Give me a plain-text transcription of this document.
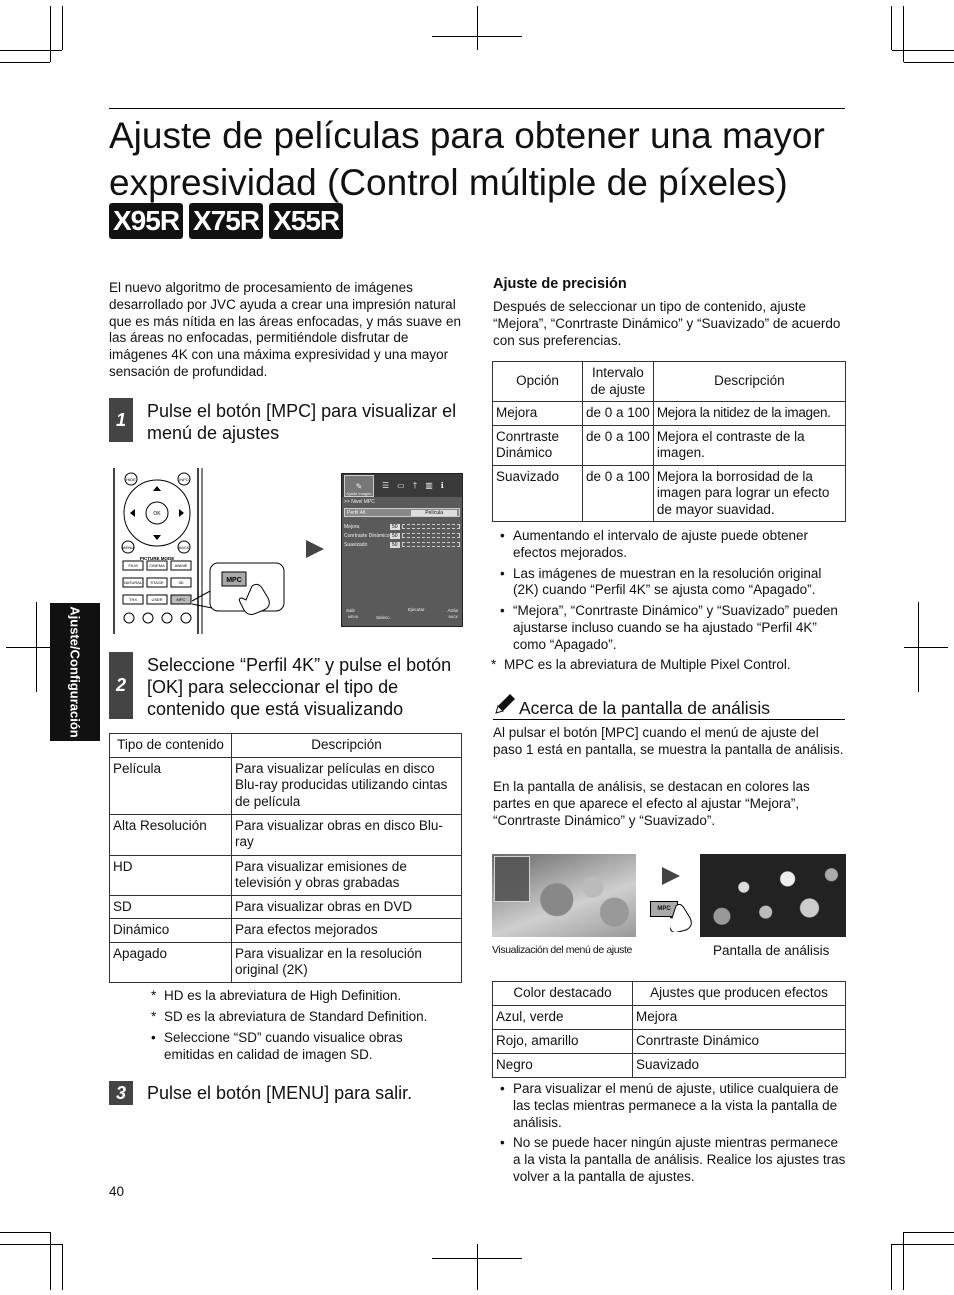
Ajuste de películas para obtener una mayor expresividad (Control múltiple de píxeles)
X95R X75R X55R
Ajuste/Configuración
El nuevo algoritmo de procesamiento de imágenes desarrollado por JVC ayuda a crear una impresión natural que es más nítida en las áreas enfocadas, y más suave en las áreas no enfocadas, permitiéndole disfrutar de imágenes 4K con una máxima expresividad y una mayor sensación de profundidad.
1	Pulse el botón [MPC] para visualizar el menú de ajustes
HIDE	INFO
OK
MENU	BACK
PICTURE MODE
FILM	CINEMA ANIME
NATURAL STAGE	3D
THX	USER	MPC
MPC
✎
Ajuste Imagen
☰ ▭ † ▥ ℹ
>> Nivel MPC
Perfil 4K	Película
Mejora	50
Conrtraste Dinámico 50
Suavizado	50
Salir
MENU	Selecc.
Ejecutar	Atrás
BACK
2
Seleccione “Perfil 4K” y pulse el botón [OK] para seleccionar el tipo de contenido que está visualizando
Tipo de contenido	Descripción
Película	Para visualizar películas en disco Blu-ray producidas utilizando cintas de película
Alta Resolución	Para visualizar obras en disco Blu-ray
HD	Para visualizar emisiones de televisión y obras grabadas
SD	Para visualizar obras en DVD
Dinámico	Para efectos mejorados
Apagado	Para visualizar en la resolución original (2K)
* HD es la abreviatura de High Definition.
* SD es la abreviatura de Standard Definition.
• Seleccione “SD” cuando visualice obras emitidas en calidad de imagen SD.
3	Pulse el botón [MENU] para salir.
40
Ajuste de precisión
Después de seleccionar un tipo de contenido, ajuste “Mejora”, “Conrtraste Dinámico” y “Suavizado” de acuerdo con sus preferencias.
Opción	Intervalo de ajuste	Descripción
Mejora	de 0 a 100	Mejora la nitidez de la imagen.
Conrtraste Dinámico	de 0 a 100	Mejora el contraste de la imagen.
Suavizado	de 0 a 100	Mejora la borrosidad de la imagen para lograr un efecto de mayor suavidad.
• Aumentando el intervalo de ajuste puede obtener efectos mejorados.
• Las imágenes de muestran en la resolución original (2K) cuando “Perfil 4K” se ajusta como “Apagado”.
• “Mejora”, “Conrtraste Dinámico” y “Suavizado” pueden ajustarse incluso cuando se ha ajustado “Perfil 4K” como “Apagado”.
* MPC es la abreviatura de Multiple Pixel Control.
Acerca de la pantalla de análisis
Al pulsar el botón [MPC] cuando el menú de ajuste del paso 1 está en pantalla, se muestra la pantalla de análisis.
En la pantalla de análisis, se destacan en colores las partes en que aparece el efecto al ajustar “Mejora”, “Conrtraste Dinámico” y “Suavizado”.
MPC
Visualización del menú de ajuste	Pantalla de análisis
Color destacado	Ajustes que producen efectos
Azul, verde	Mejora
Rojo, amarillo	Conrtraste Dinámico
Negro	Suavizado
• Para visualizar el menú de ajuste, utilice cualquiera de las teclas mientras permanece a la vista la pantalla de análisis.
• No se puede hacer ningún ajuste mientras permanece a la vista la pantalla de análisis. Realice los ajustes tras volver a la pantalla de ajustes.
